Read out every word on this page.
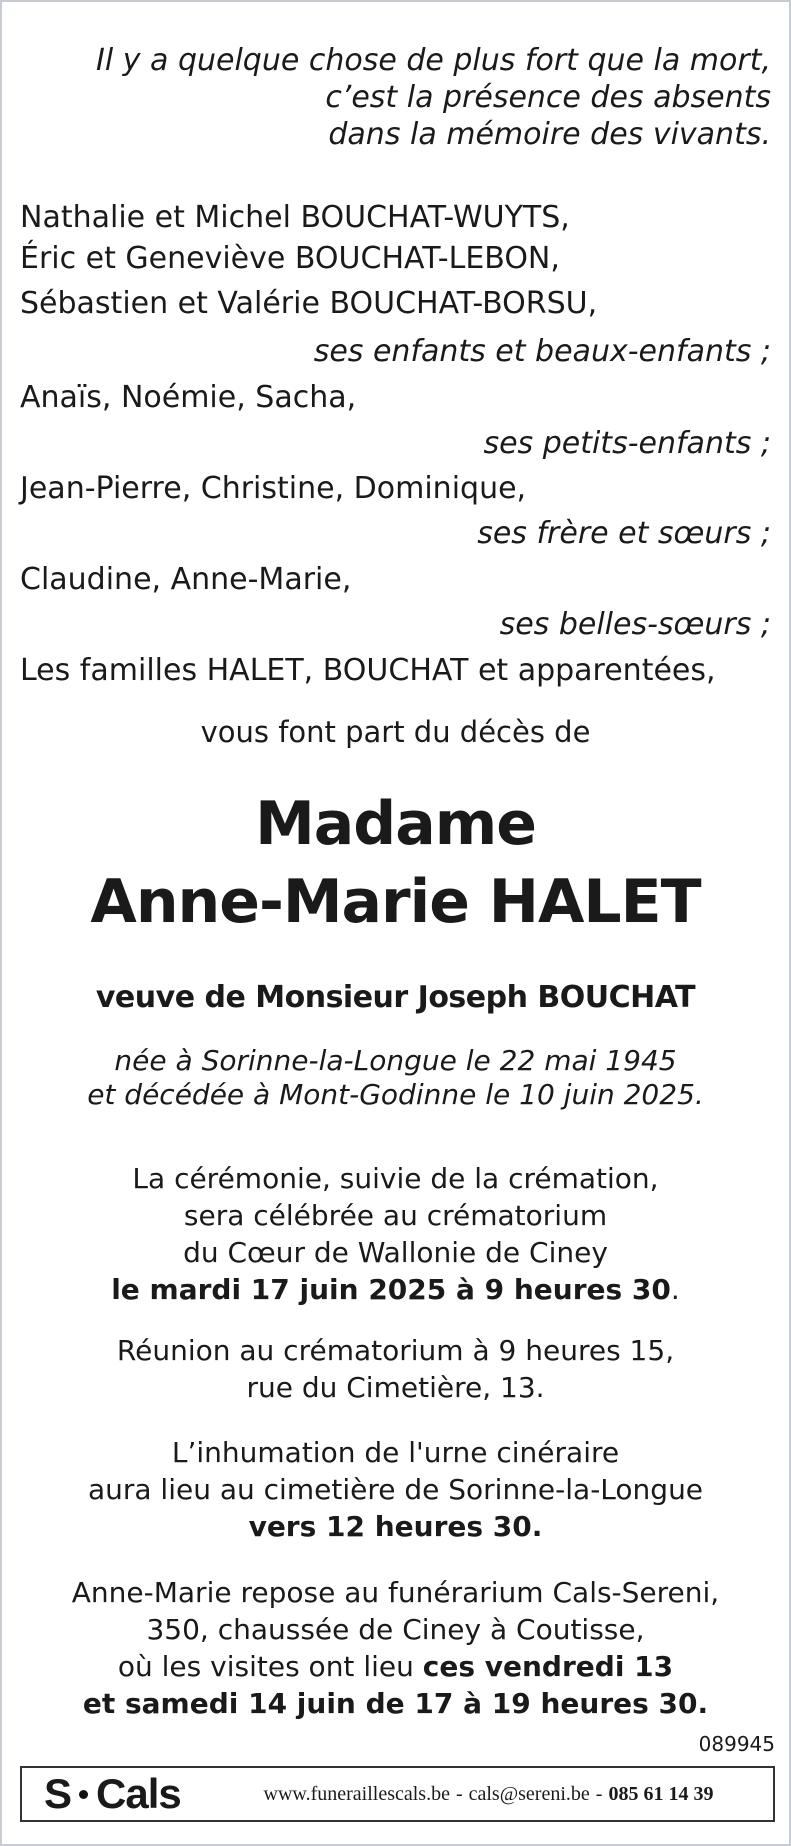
Il y a quelque chose de plus fort que la mort,
c’est la présence des absents
dans la mémoire des vivants.
Nathalie et Michel BOUCHAT-WUYTS,
Éric et Geneviève BOUCHAT-LEBON,
Sébastien et Valérie BOUCHAT-BORSU,
ses enfants et beaux-enfants ;
Anaïs, Noémie, Sacha,
ses petits-enfants ;
Jean-Pierre, Christine, Dominique,
ses frère et sœurs ;
Claudine, Anne-Marie,
ses belles-sœurs ;
Les familles HALET, BOUCHAT et apparentées,
vous font part du décès de
Madame
Anne-Marie HALET
veuve de Monsieur Joseph BOUCHAT
née à Sorinne-la-Longue le 22 mai 1945
et décédée à Mont-Godinne le 10 juin 2025.
La cérémonie, suivie de la crémation,
sera célébrée au crématorium
du Cœur de Wallonie de Ciney
le mardi 17 juin 2025 à 9 heures 30.
Réunion au crématorium à 9 heures 15,
rue du Cimetière, 13.
L’inhumation de l'urne cinéraire
aura lieu au cimetière de Sorinne-la-Longue
vers 12 heures 30.
Anne-Marie repose au funérarium Cals-Sereni,
350, chaussée de Ciney à Coutisse,
où les visites ont lieu ces vendredi 13
et samedi 14 juin de 17 à 19 heures 30.
089945
S Cals	www.funeraillescals.be - cals@sereni.be - 085 61 14 39
